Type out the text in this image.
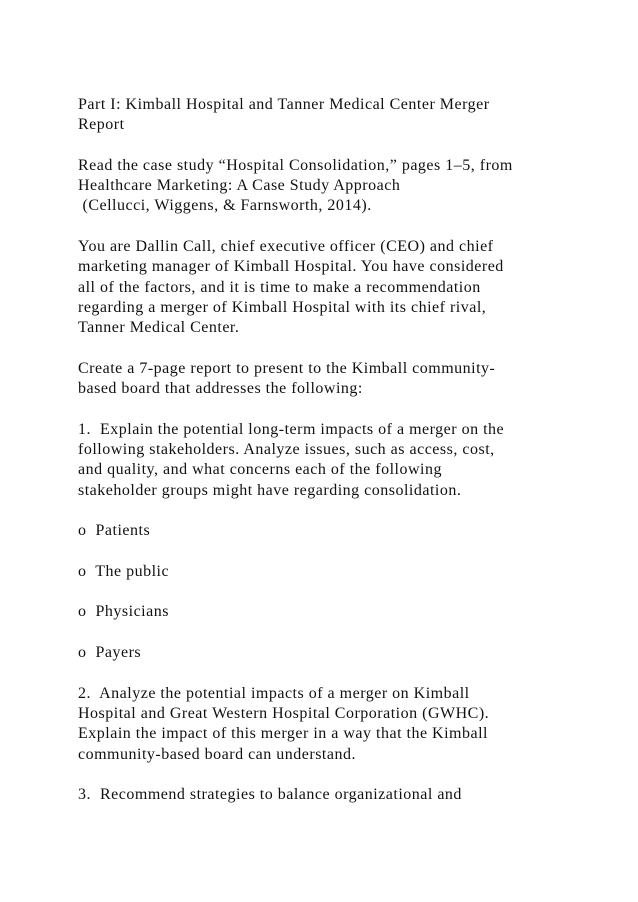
Part I: Kimball Hospital and Tanner Medical Center Merger
Report
Read the case study “Hospital Consolidation,” pages 1–5, from
Healthcare Marketing: A Case Study Approach
(Cellucci, Wiggens, & Farnsworth, 2014).
You are Dallin Call, chief executive officer (CEO) and chief
marketing manager of Kimball Hospital. You have considered
all of the factors, and it is time to make a recommendation
regarding a merger of Kimball Hospital with its chief rival,
Tanner Medical Center.
Create a 7-page report to present to the Kimball community-
based board that addresses the following:
1.  Explain the potential long-term impacts of a merger on the
following stakeholders. Analyze issues, such as access, cost,
and quality, and what concerns each of the following
stakeholder groups might have regarding consolidation.
o  Patients
o  The public
o  Physicians
o  Payers
2.  Analyze the potential impacts of a merger on Kimball
Hospital and Great Western Hospital Corporation (GWHC).
Explain the impact of this merger in a way that the Kimball
community-based board can understand.
3.  Recommend strategies to balance organizational and
